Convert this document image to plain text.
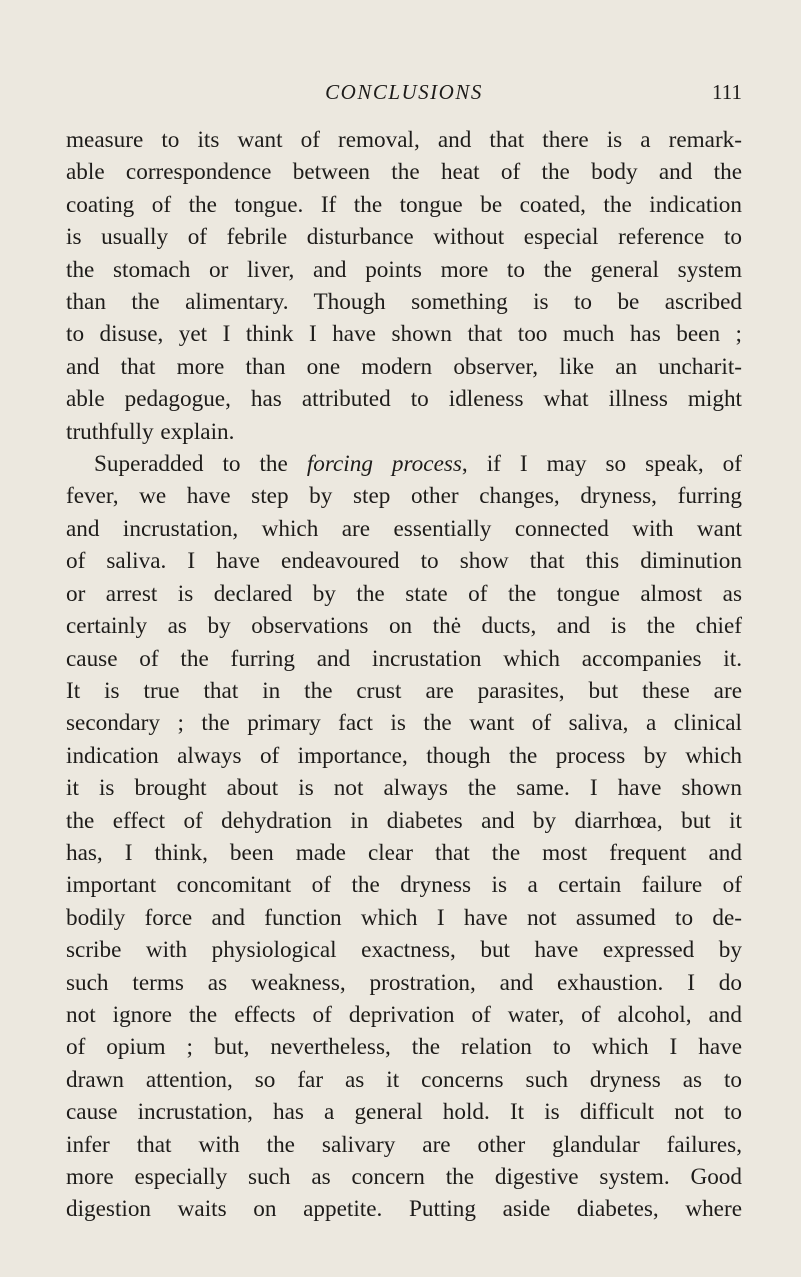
CONCLUSIONS	111
measure to its want of removal, and that there is a remark-
able correspondence between the heat of the body and the
coating of the tongue. If the tongue be coated, the indication
is usually of febrile disturbance without especial reference to
the stomach or liver, and points more to the general system
than the alimentary. Though something is to be ascribed
to disuse, yet I think I have shown that too much has been ;
and that more than one modern observer, like an uncharit-
able pedagogue, has attributed to idleness what illness might
truthfully explain.
Superadded to the forcing process, if I may so speak, of
fever, we have step by step other changes, dryness, furring
and incrustation, which are essentially connected with want
of saliva. I have endeavoured to show that this diminution
or arrest is declared by the state of the tongue almost as
certainly as by observations on thė ducts, and is the chief
cause of the furring and incrustation which accompanies it.
It is true that in the crust are parasites, but these are
secondary ; the primary fact is the want of saliva, a clinical
indication always of importance, though the process by which
it is brought about is not always the same. I have shown
the effect of dehydration in diabetes and by diarrhœa, but it
has, I think, been made clear that the most frequent and
important concomitant of the dryness is a certain failure of
bodily force and function which I have not assumed to de-
scribe with physiological exactness, but have expressed by
such terms as weakness, prostration, and exhaustion. I do
not ignore the effects of deprivation of water, of alcohol, and
of opium ; but, nevertheless, the relation to which I have
drawn attention, so far as it concerns such dryness as to
cause incrustation, has a general hold. It is difficult not to
infer that with the salivary are other glandular failures,
more especially such as concern the digestive system. Good
digestion waits on appetite. Putting aside diabetes, where
